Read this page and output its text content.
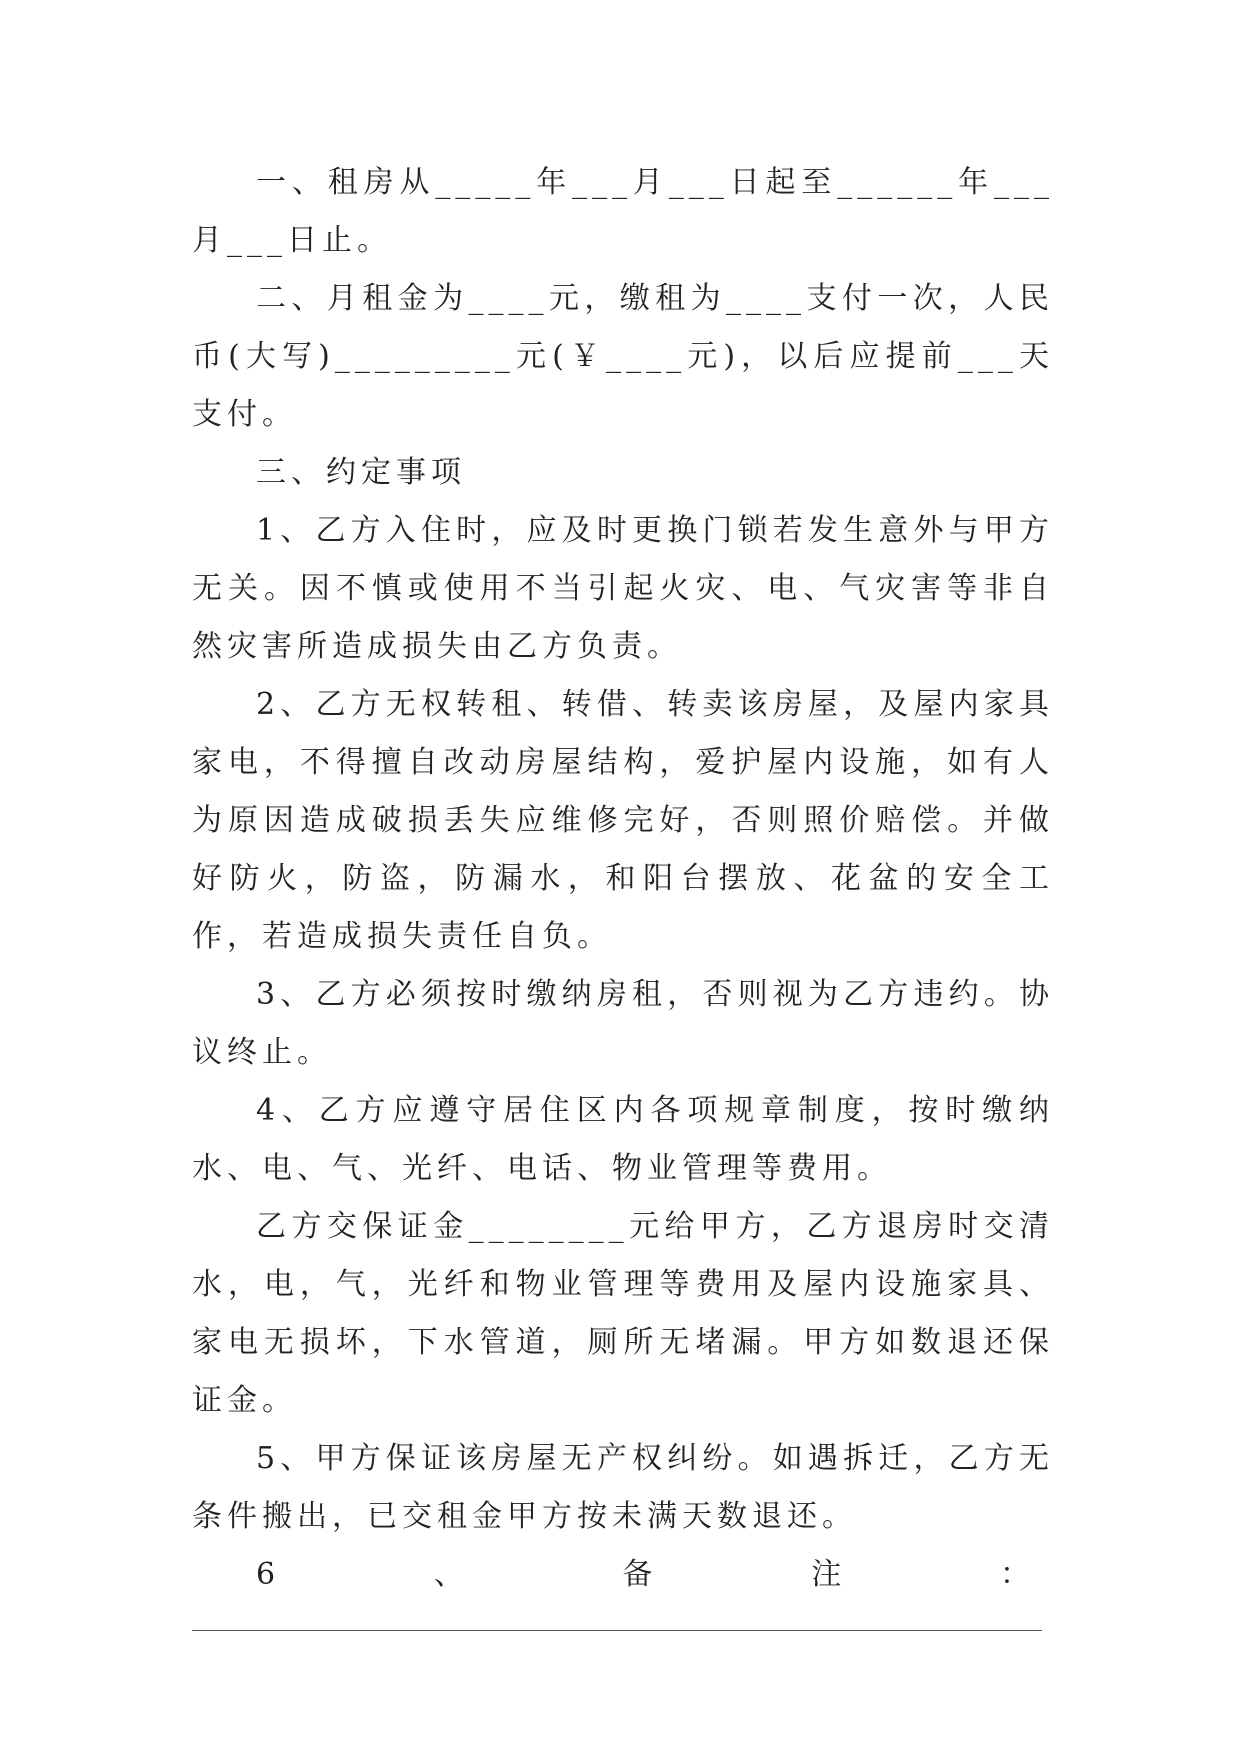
一、租房从_____年___月___日起至______年___月___日止。

二、月租金为____元，缴租为____支付一次，人民币(大写)_________元(￥____元)，以后应提前___天支付。

三、约定事项

1、乙方入住时，应及时更换门锁若发生意外与甲方无关。因不慎或使用不当引起火灾、电、气灾害等非自然灾害所造成损失由乙方负责。

2、乙方无权转租、转借、转卖该房屋，及屋内家具家电，不得擅自改动房屋结构，爱护屋内设施，如有人为原因造成破损丢失应维修完好，否则照价赔偿。并做好防火，防盗，防漏水，和阳台摆放、花盆的安全工作，若造成损失责任自负。

3、乙方必须按时缴纳房租，否则视为乙方违约。协议终止。

4、乙方应遵守居住区内各项规章制度，按时缴纳水、电、气、光纤、电话、物业管理等费用。

乙方交保证金________元给甲方，乙方退房时交清水，电，气，光纤和物业管理等费用及屋内设施家具、家电无损坏，下水管道，厕所无堵漏。甲方如数退还保证金。

5、甲方保证该房屋无产权纠纷。如遇拆迁，乙方无条件搬出，已交租金甲方按未满天数退还。

6	、	备	注	：
